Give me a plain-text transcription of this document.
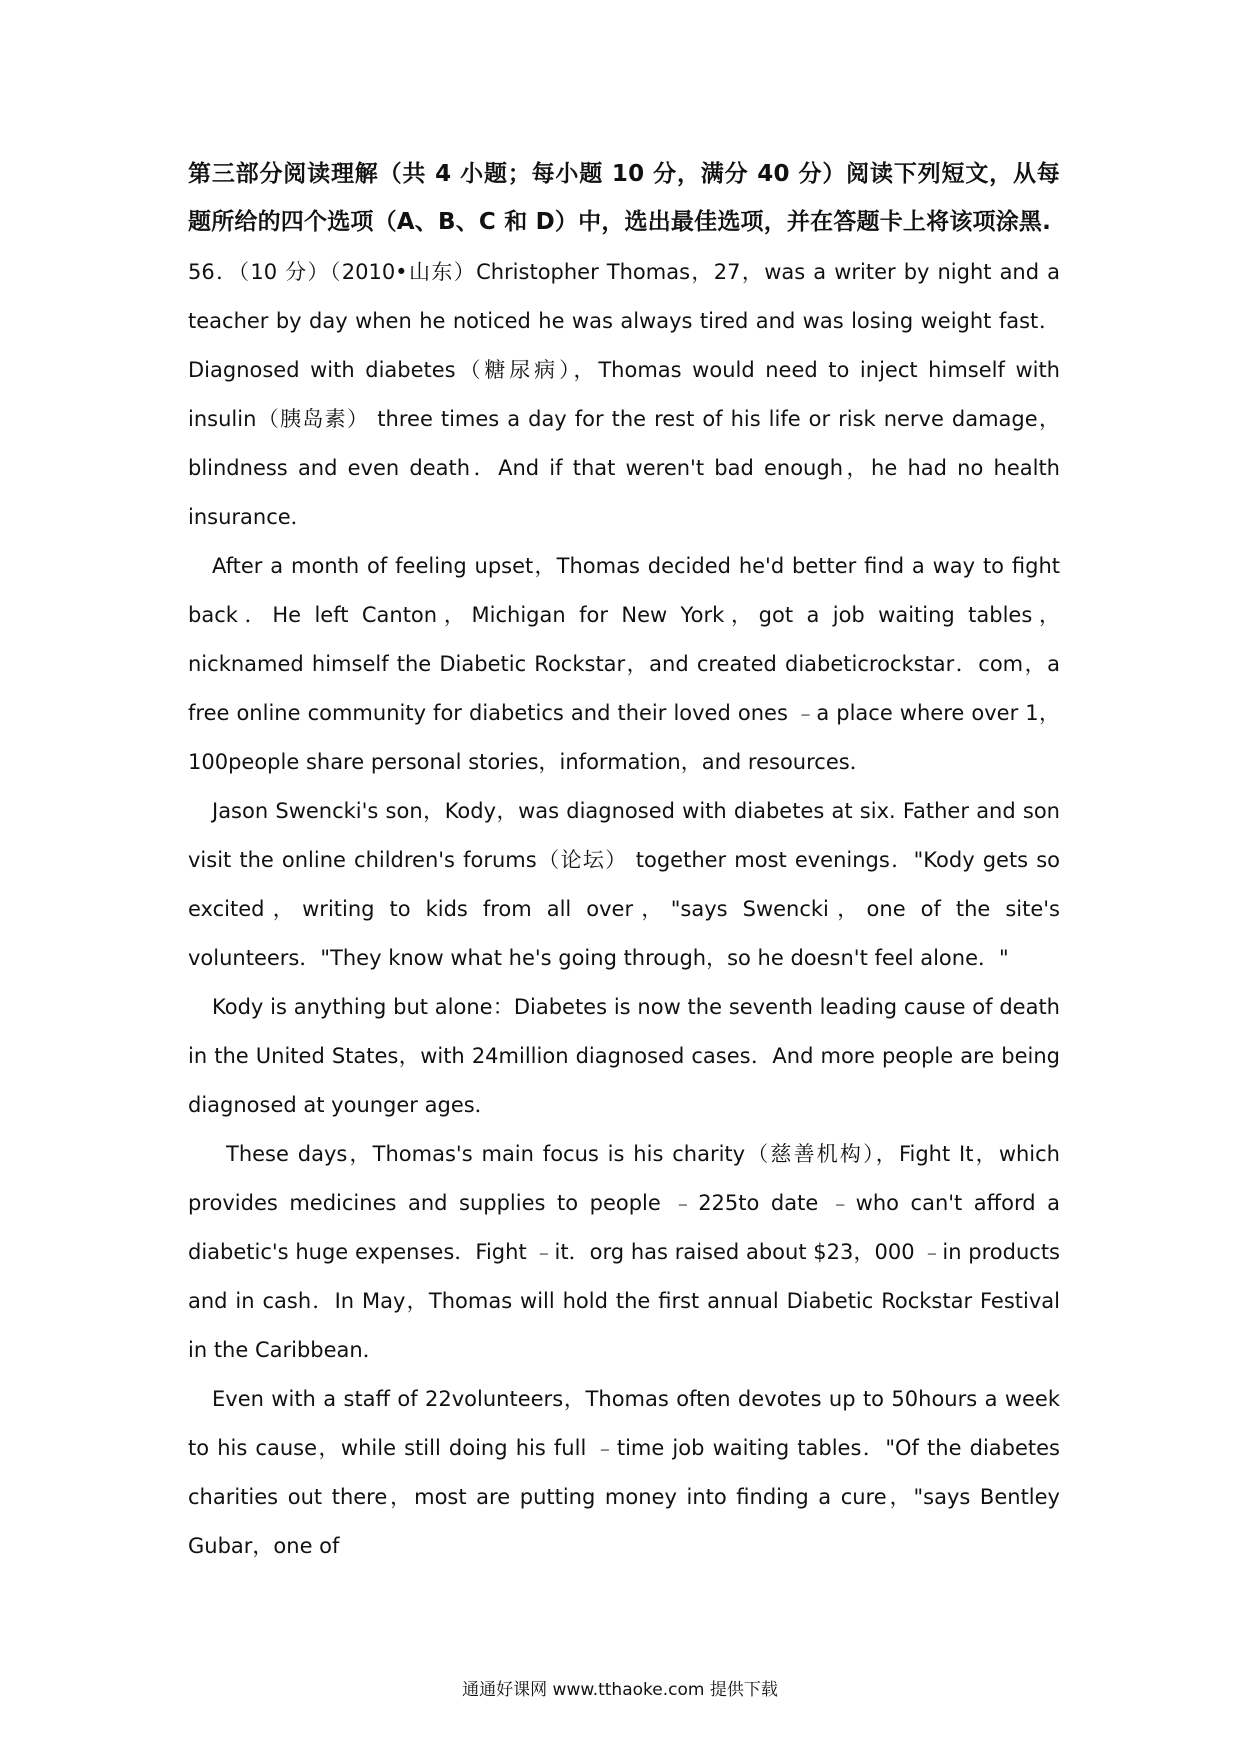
第三部分阅读理解（共 4 小题；每小题 10 分，满分 40 分）阅读下列短文，从每题所给的四个选项（A、B、C 和 D）中，选出最佳选项，并在答题卡上将该项涂黑.

56．（10 分）（2010•山东）Christopher Thomas，27，was a writer by night and a teacher by day when he noticed he was always tired and was losing weight fast．Diagnosed with diabetes（糖尿病），Thomas would need to inject himself with insulin（胰岛素） three times a day for the rest of his life or risk nerve damage，blindness and even death．And if that weren't bad enough，he had no health insurance．

After a month of feeling upset，Thomas decided he'd better find a way to fight back．He left Canton，Michigan for New York，got a job waiting tables，nicknamed himself the Diabetic Rockstar，and created diabeticrockstar．com，a free online community for diabetics and their loved ones ﹣a place where over 1，100people share personal stories，information，and resources．

Jason Swencki's son，Kody，was diagnosed with diabetes at six. Father and son visit the online children's forums（论坛） together most evenings．"Kody gets so excited，writing to kids from all over，"says Swencki，one of the site's volunteers．"They know what he's going through，so he doesn't feel alone．"

Kody is anything but alone：Diabetes is now the seventh leading cause of death in the United States，with 24million diagnosed cases．And more people are being diagnosed at younger ages．

These days，Thomas's main focus is his charity（慈善机构），Fight It，which provides medicines and supplies to people ﹣225to date ﹣who can't afford a diabetic's huge expenses．Fight ﹣it．org has raised about $23，000 ﹣in products and in cash．In May，Thomas will hold the first annual Diabetic Rockstar Festival in the Caribbean．

Even with a staff of 22volunteers，Thomas often devotes up to 50hours a week to his cause，while still doing his full ﹣time job waiting tables．"Of the diabetes charities out there，most are putting money into finding a cure，"says Bentley Gubar，one of

通通好课网 www.tthaoke.com 提供下载
